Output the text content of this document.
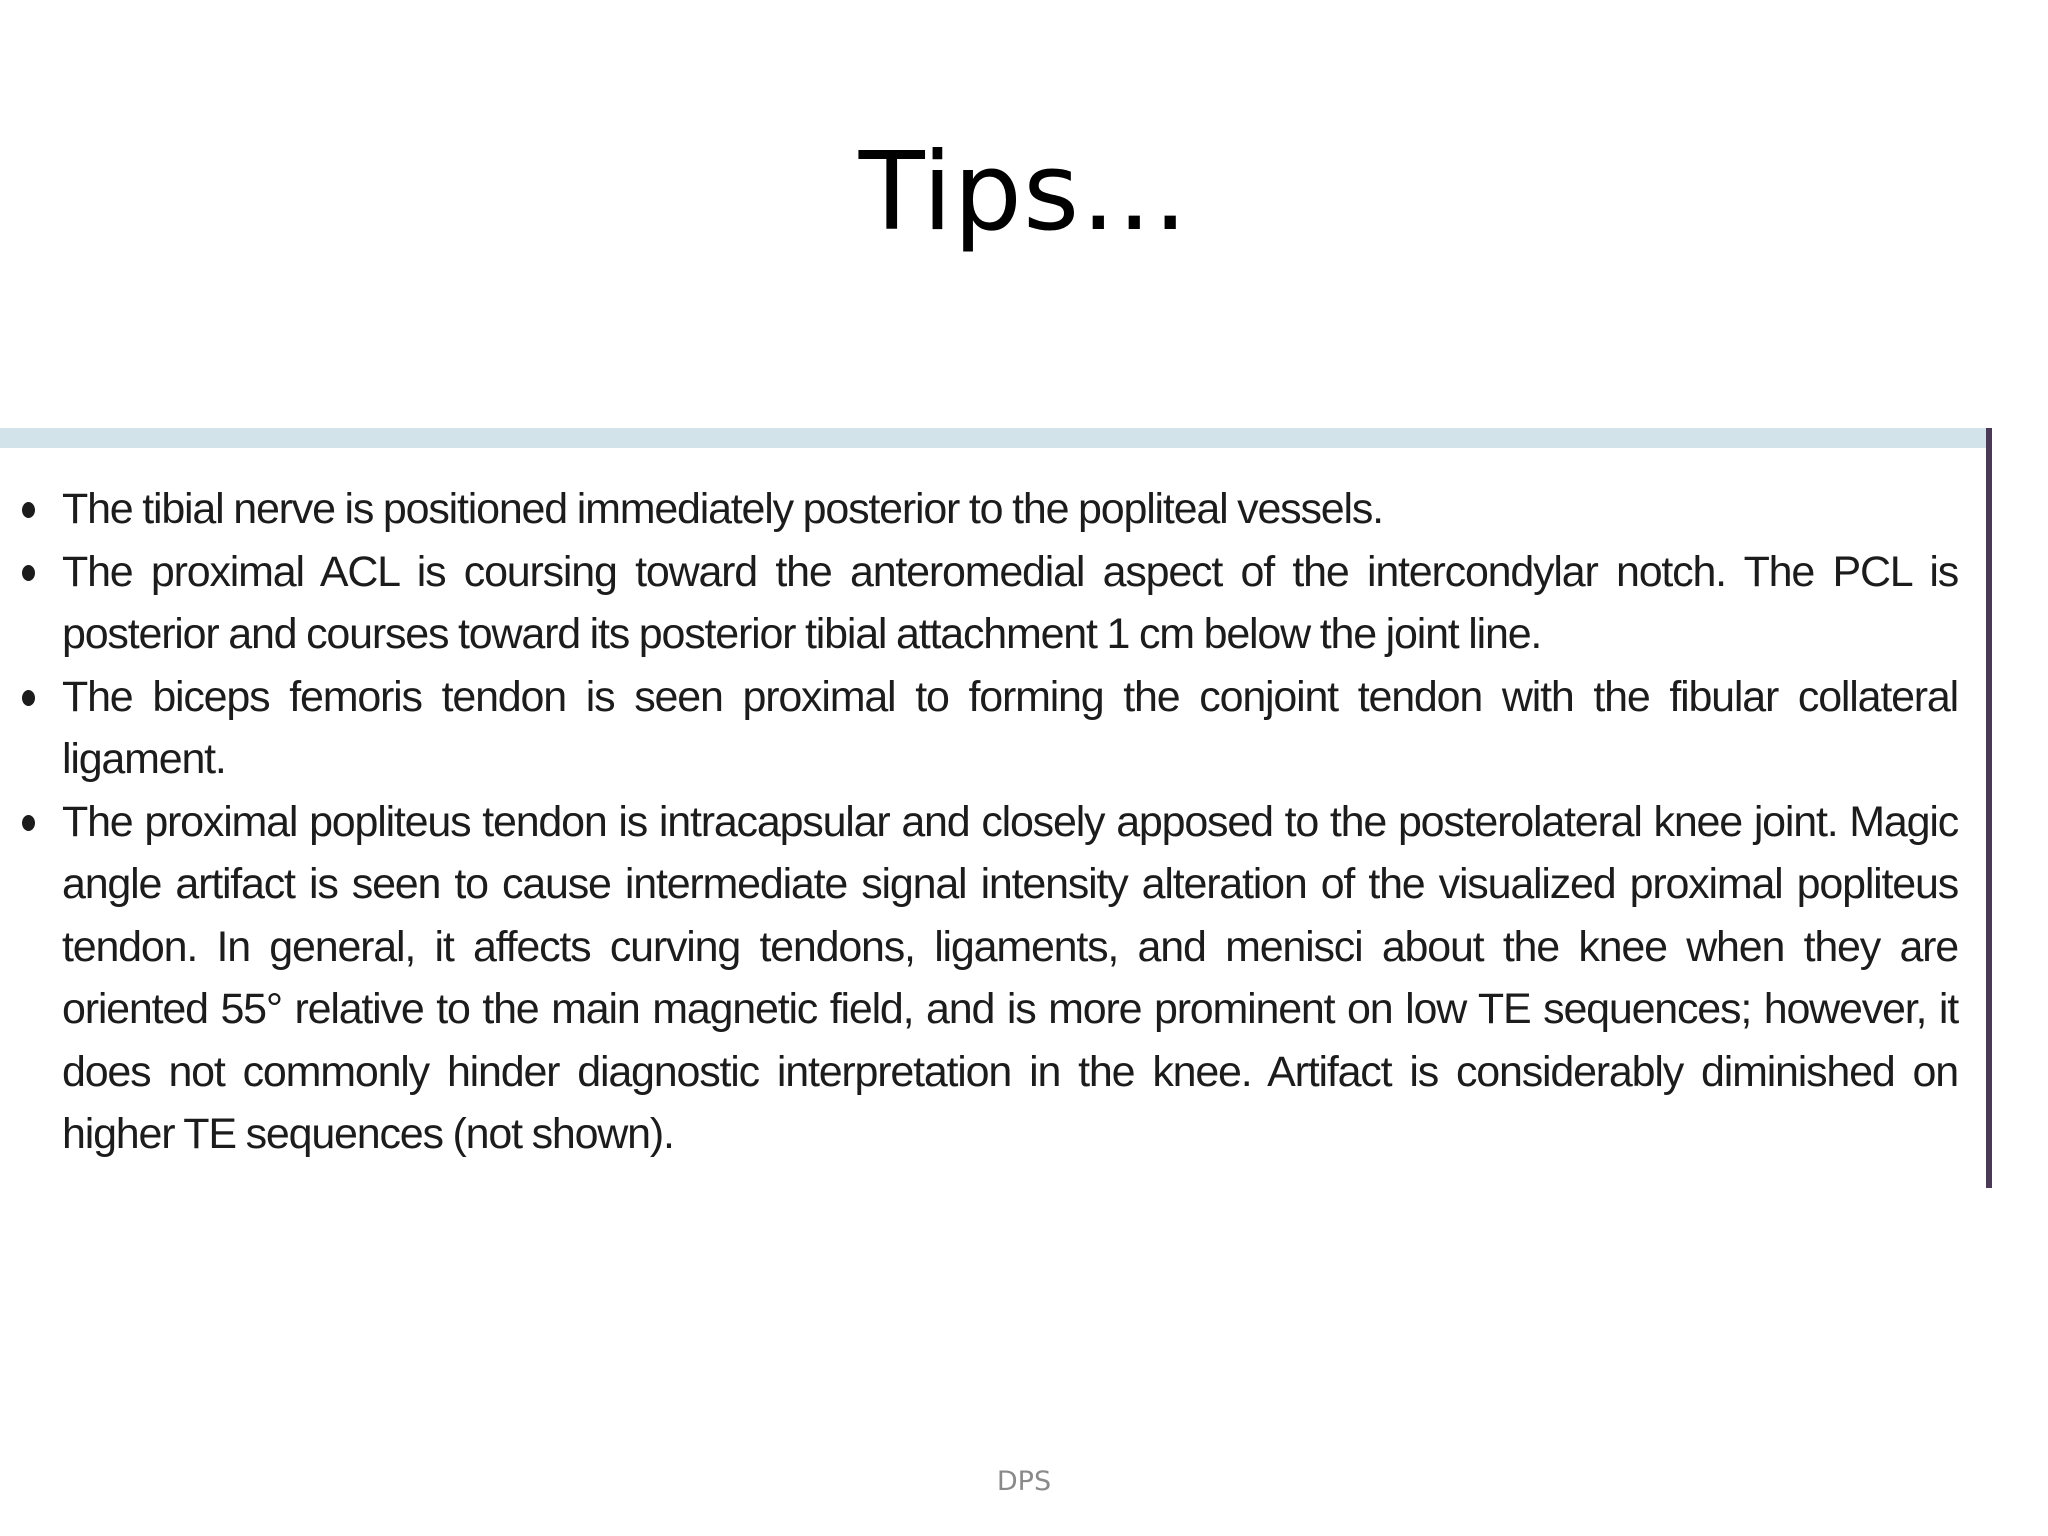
Tips…
The tibial nerve is positioned immediately posterior to the popliteal vessels.
The proximal ACL is coursing toward the anteromedial aspect of the intercondylar notch. The PCL is posterior and courses toward its posterior tibial attachment 1 cm below the joint line.
The biceps femoris tendon is seen proximal to forming the conjoint tendon with the fibular collateral ligament.
The proximal popliteus tendon is intracapsular and closely apposed to the posterolateral knee joint. Magic angle artifact is seen to cause intermediate signal intensity alteration of the visualized proximal popliteus tendon. In general, it affects curving tendons, ligaments, and menisci about the knee when they are oriented 55° relative to the main magnetic field, and is more prominent on low TE sequences; however, it does not commonly hinder diagnostic interpretation in the knee. Artifact is considerably diminished on higher TE sequences (not shown).
DPS
